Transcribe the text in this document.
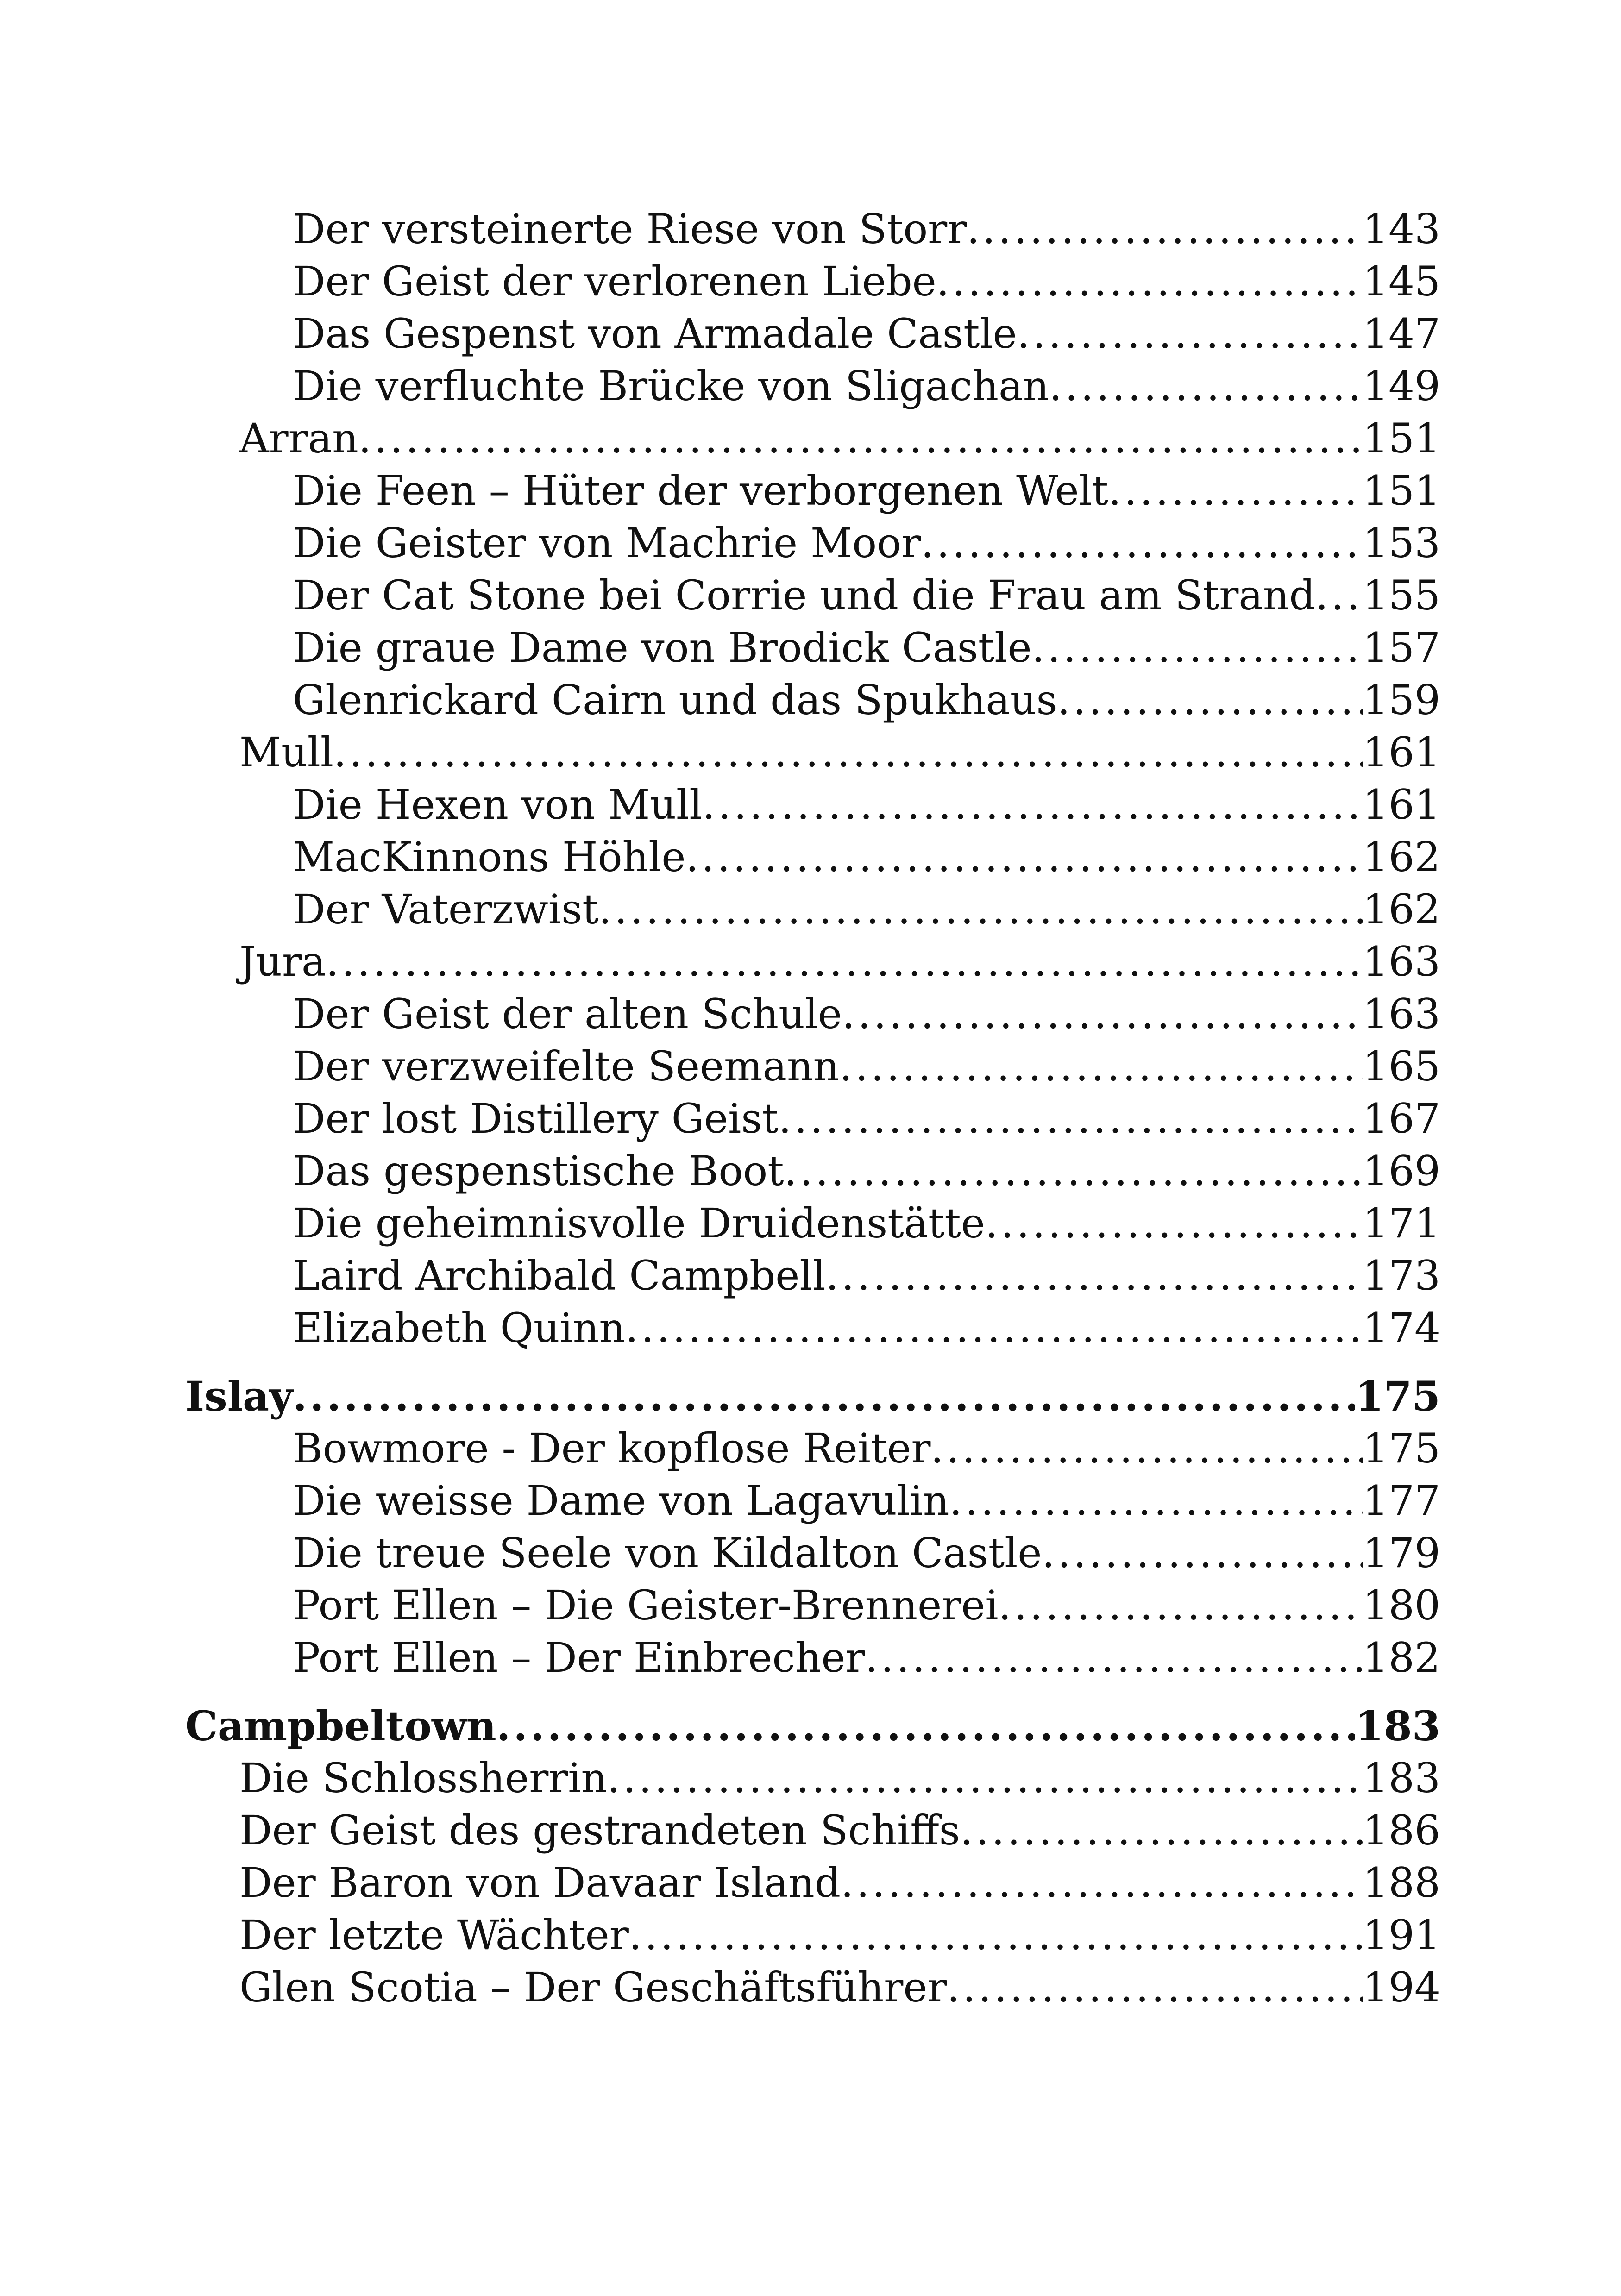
Der versteinerte Riese von Storr .....	143
Der Geist der verlorenen Liebe .....	145
Das Gespenst von Armadale Castle .....	147
Die verfluchte Brücke von Sligachan .....	149
Arran .....	151
Die Feen – Hüter der verborgenen Welt .....	151
Die Geister von Machrie Moor .....	153
Der Cat Stone bei Corrie und die Frau am Strand ..... 155
Die graue Dame von Brodick Castle .....	157
Glenrickard Cairn und das Spukhaus .....	159
Mull .....	161
Die Hexen von Mull .....	161
MacKinnons Höhle .....	162
Der Vaterzwist .....	162
Jura .....	163
Der Geist der alten Schule .....	163
Der verzweifelte Seemann .....	165
Der lost Distillery Geist .....	167
Das gespenstische Boot .....	169
Die geheimnisvolle Druidenstätte .....	171
Laird Archibald Campbell .....	173
Elizabeth Quinn .....	174
Islay .....	175
Bowmore - Der kopflose Reiter .....	175
Die weisse Dame von Lagavulin .....	177
Die treue Seele von Kildalton Castle .....	179
Port Ellen – Die Geister-Brennerei .....	180
Port Ellen – Der Einbrecher .....	182
Campbeltown .....	183
Die Schlossherrin .....	183
Der Geist des gestrandeten Schiffs .....	186
Der Baron von Davaar Island .....	188
Der letzte Wächter .....	191
Glen Scotia – Der Geschäftsführer .....	194
